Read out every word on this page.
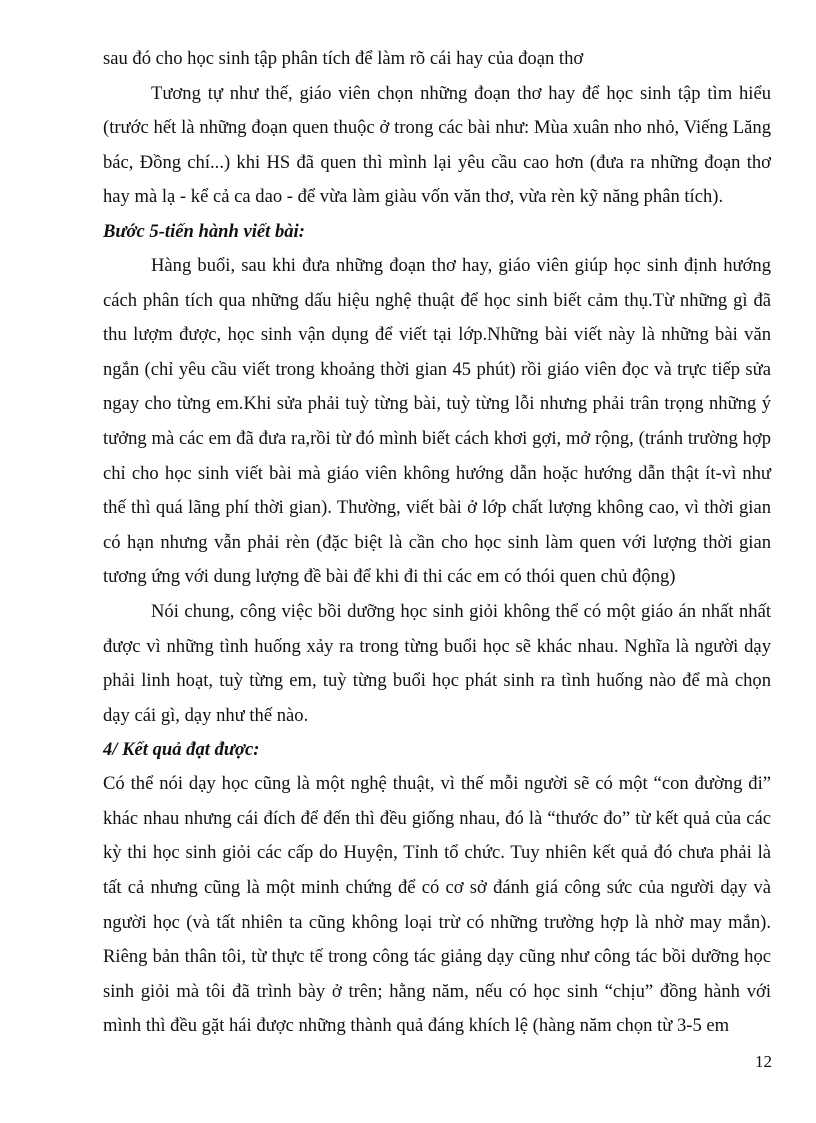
sau đó cho học sinh tập phân tích để làm rõ cái hay của đoạn thơ

Tương tự như thế, giáo viên chọn những đoạn thơ hay để học sinh tập tìm hiểu (trước hết là những đoạn quen thuộc ở trong các bài như: Mùa xuân nho nhỏ, Viếng Lăng bác, Đồng chí...) khi HS đã quen thì mình lại yêu cầu cao hơn (đưa ra những đoạn thơ hay mà lạ - kể cả ca dao - để vừa làm giàu vốn văn thơ, vừa rèn kỹ năng phân tích).

Bước 5-tiến hành viết bài:

Hàng buổi, sau khi đưa những đoạn thơ hay, giáo viên giúp học sinh định hướng cách phân tích qua những dấu hiệu nghệ thuật để học sinh biết cảm thụ.Từ những gì đã thu lượm được, học sinh vận dụng để viết tại lớp.Những bài viết này là những bài văn ngắn (chỉ yêu cầu viết trong khoảng thời gian 45 phút) rồi giáo viên đọc và trực tiếp sửa ngay cho từng em.Khi sửa phải tuỳ từng bài, tuỳ từng lỗi nhưng phải trân trọng những ý tưởng mà các em đã đưa ra,rồi từ đó mình biết cách khơi gợi, mở rộng, (tránh trường hợp chỉ cho học sinh viết bài mà giáo viên không hướng dẫn hoặc hướng dẫn thật ít-vì như thế thì quá lãng phí thời gian). Thường, viết bài ở lớp chất lượng không cao, vì thời gian có hạn nhưng vẫn phải rèn (đặc biệt là cần cho học sinh làm quen với lượng thời gian tương ứng với dung lượng đề bài để khi đi thi các em có thói quen chủ động)

Nói chung, công việc bồi dưỡng học sinh giỏi không thể có một giáo án nhất nhất được vì những tình huống xảy ra trong từng buổi học sẽ khác nhau. Nghĩa là người dạy phải linh hoạt, tuỳ từng em, tuỳ từng buổi học phát sinh ra tình huống nào để mà chọn dạy cái gì, dạy như thế nào.

4/ Kết quả đạt được:

Có thể nói dạy học cũng là một nghệ thuật, vì thế mỗi người sẽ có một “con đường đi” khác nhau nhưng cái đích để đến thì đều giống nhau, đó là “thước đo” từ kết quả của các kỳ thi học sinh giỏi các cấp do Huyện, Tỉnh tổ chức. Tuy nhiên kết quả đó chưa phải là tất cả nhưng cũng là một minh chứng để có cơ sở đánh giá công sức của người dạy và người học (và tất nhiên ta cũng không loại trừ có những trường hợp là nhờ may mắn). Riêng bản thân tôi, từ thực tế trong công tác giảng dạy cũng như công tác bồi dưỡng học sinh giỏi mà tôi đã trình bày ở trên; hằng năm, nếu có học sinh “chịu” đồng hành với mình thì đều gặt hái được những thành quả đáng khích lệ (hàng năm chọn từ 3-5 em

12
